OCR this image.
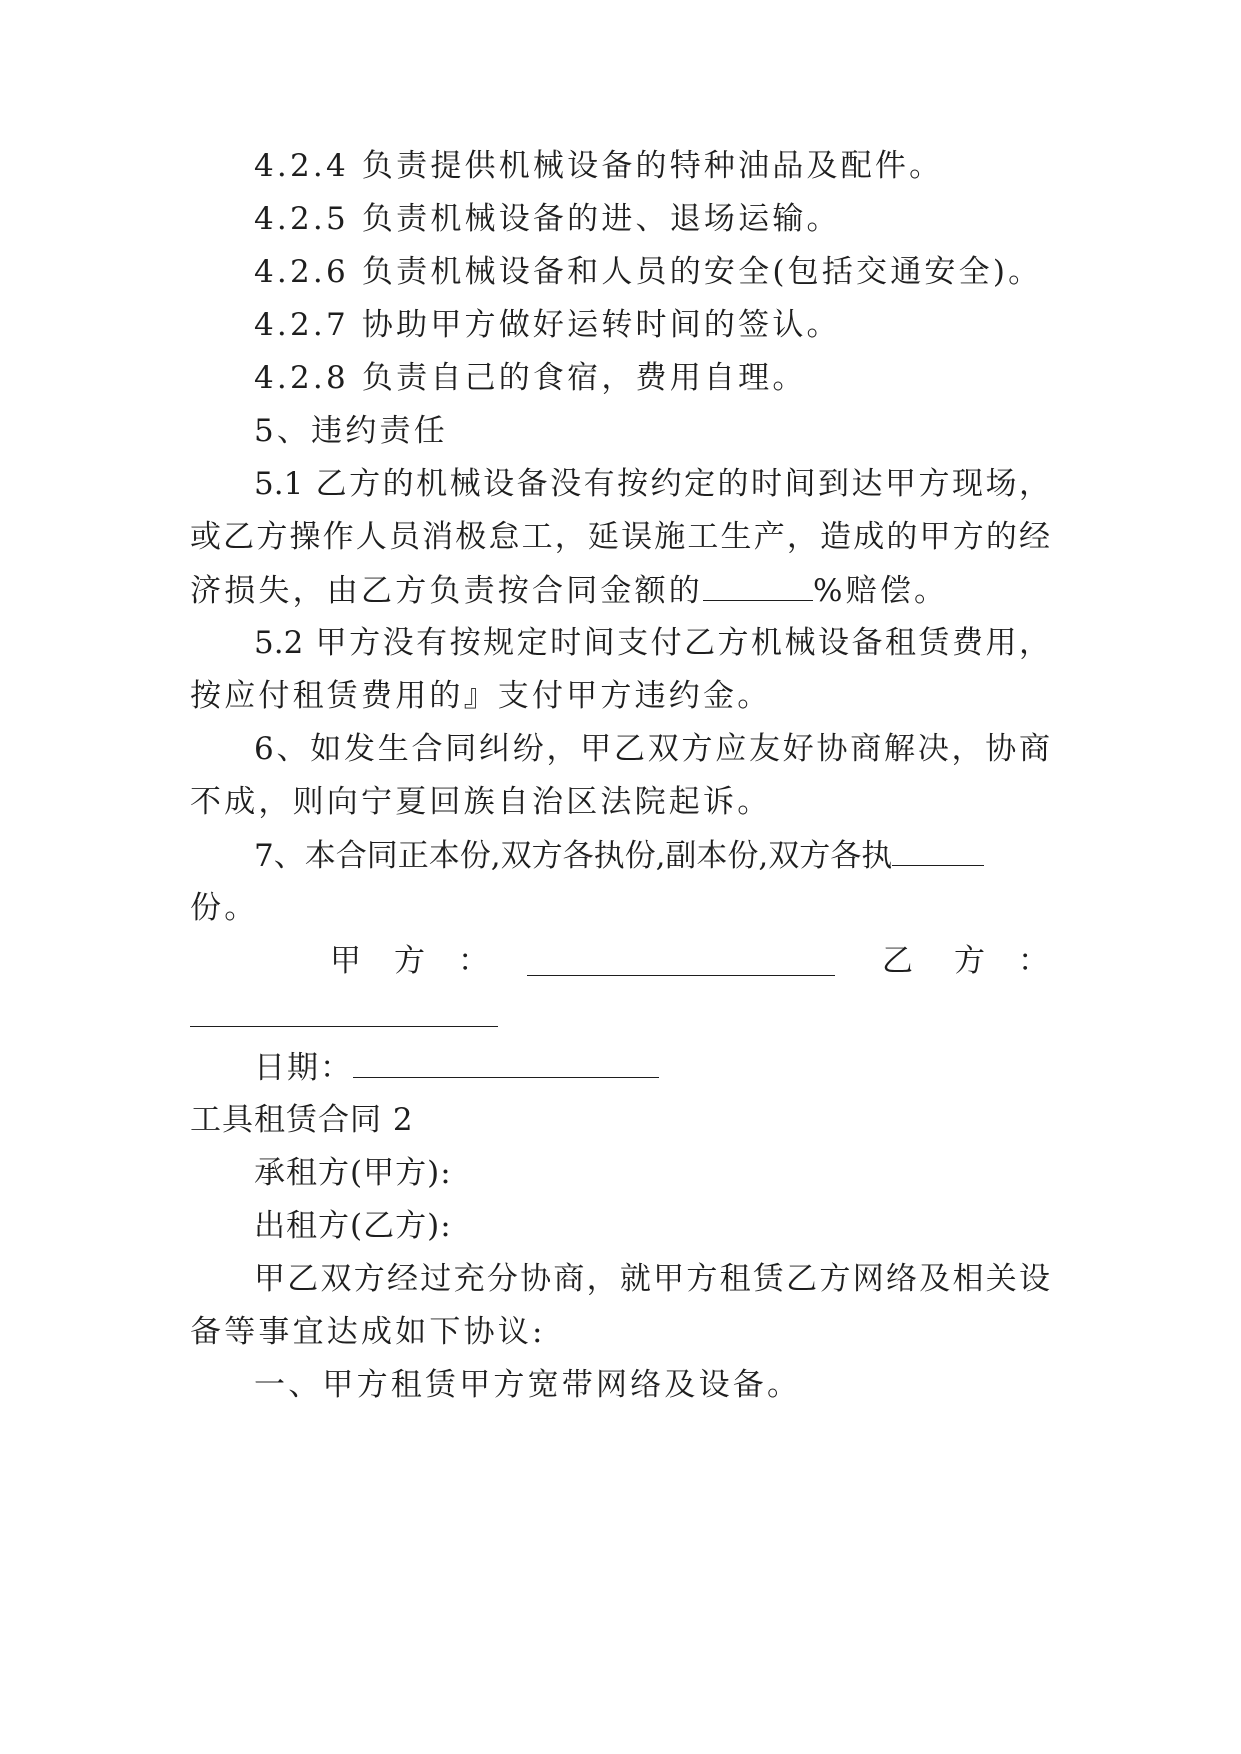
4.2.4 负责提供机械设备的特种油品及配件。
4.2.5 负责机械设备的进、退场运输。
4.2.6 负责机械设备和人员的安全(包括交通安全)。
4.2.7 协助甲方做好运转时间的签认。
4.2.8 负责自己的食宿，费用自理。
5、违约责任
5.1 乙方的机械设备没有按约定的时间到达甲方现场，
或乙方操作人员消极怠工，延误施工生产，造成的甲方的经
济损失，由乙方负责按合同金额的	%赔偿。
5.2 甲方没有按规定时间支付乙方机械设备租赁费用，
按应付租赁费用的』支付甲方违约金。
6、如发生合同纠纷，甲乙双方应友好协商解决，协商
不成，则向宁夏回族自治区法院起诉。
7、本合同正本份,双方各执份,副本份,双方各执
份。
甲 方 ：	乙 方 ：
日期：
工具租赁合同 2
承租方(甲方):
出租方(乙方):
甲乙双方经过充分协商，就甲方租赁乙方网络及相关设
备等事宜达成如下协议:
一、甲方租赁甲方宽带网络及设备。
